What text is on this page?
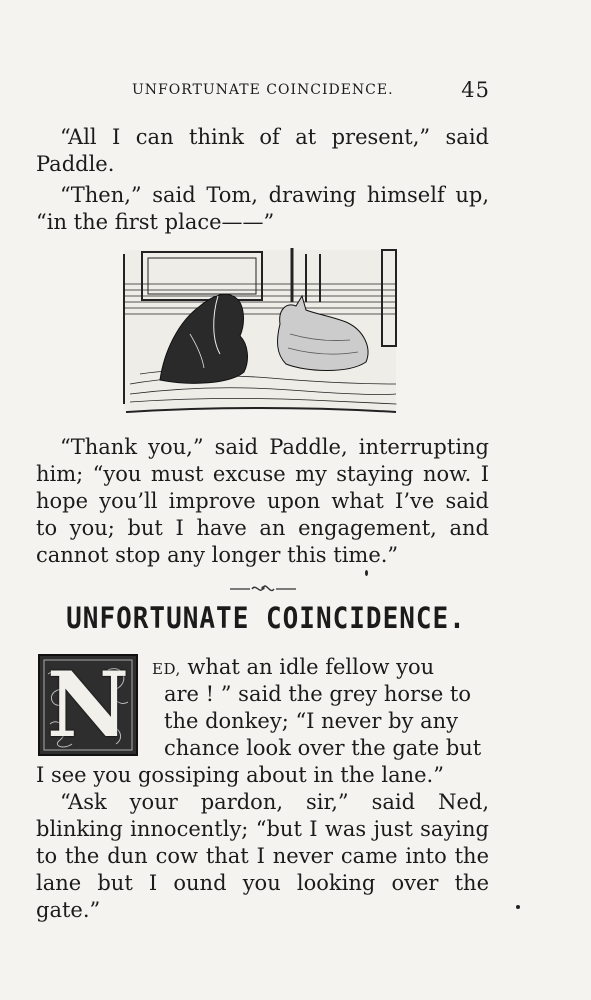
UNFORTUNATE COINCIDENCE.	45

“All I can think of at present,” said Paddle.

“Then,” said Tom, drawing himself up, “in the first place——”

“Thank you,” said Paddle, interrupting him; “you must excuse my staying now. I hope you’ll improve upon what I’ve said to you; but I have an engagement, and cannot stop any longer this time.”

UNFORTUNATE COINCIDENCE.
N	ED, what an idle fellow you
are ! ” said the grey horse to
the donkey; “I never by any
chance look over the gate but
I see you gossiping about in the lane.”

“Ask your pardon, sir,” said Ned, blinking innocently; “but I was just saying to the dun cow that I never came into the lane but I ound you looking over the gate.”
